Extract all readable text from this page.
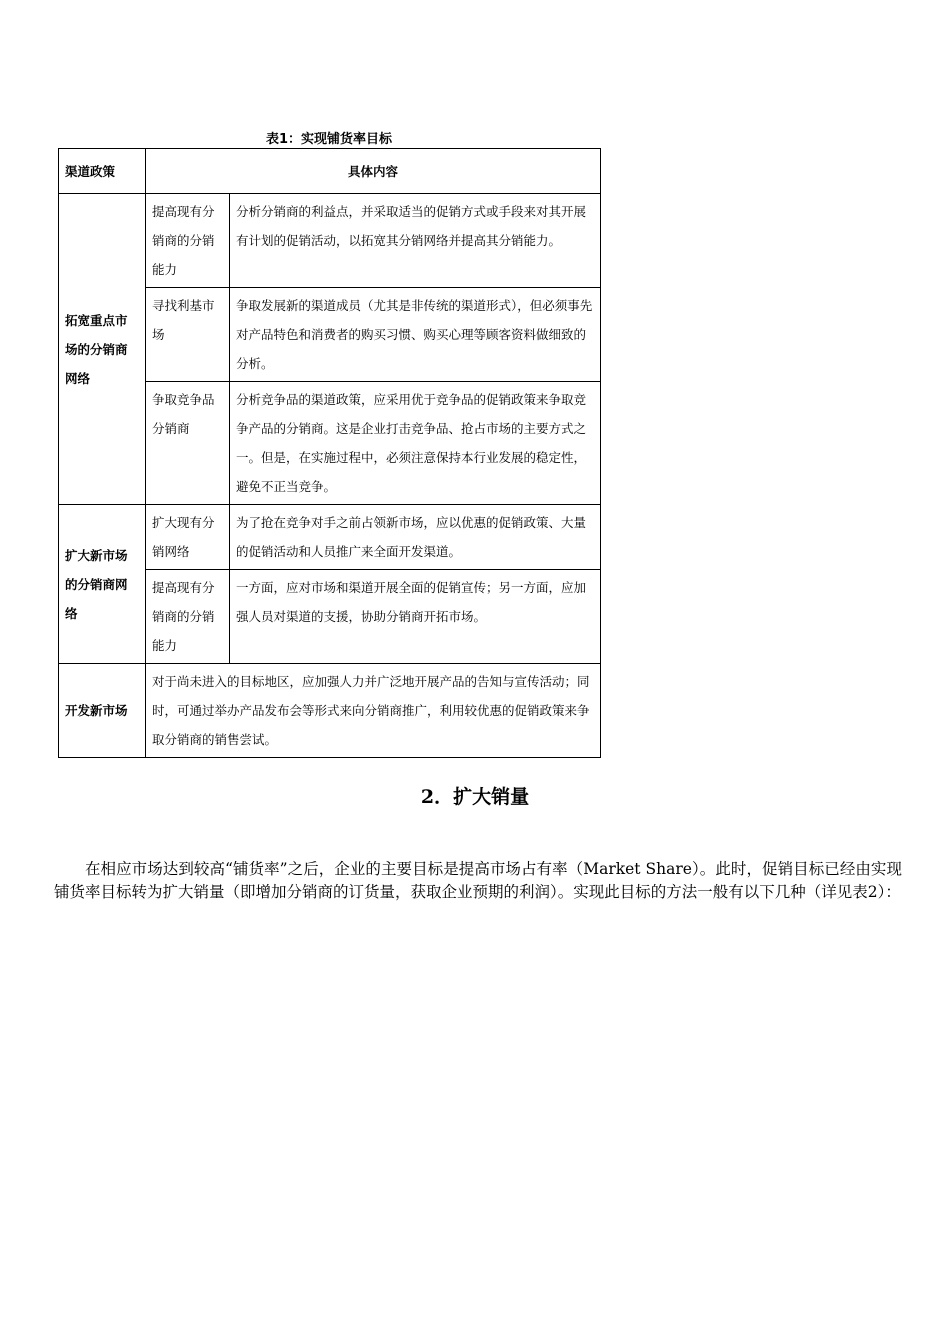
表1：实现铺货率目标
渠道政策	具体内容	
拓宽重点市场的分销商网络	提高现有分销商的分销能力	分析分销商的利益点，并采取适当的促销方式或手段来对其开展有计划的促销活动，以拓宽其分销网络并提高其分销能力。
	寻找利基市场	争取发展新的渠道成员（尤其是非传统的渠道形式），但必须事先对产品特色和消费者的购买习惯、购买心理等顾客资料做细致的分析。
	争取竞争品分销商	分析竞争品的渠道政策，应采用优于竞争品的促销政策来争取竞争产品的分销商。这是企业打击竞争品、抢占市场的主要方式之一。但是，在实施过程中，必须注意保持本行业发展的稳定性，避免不正当竞争。
扩大新市场的分销商网络	扩大现有分销网络	为了抢在竞争对手之前占领新市场，应以优惠的促销政策、大量的促销活动和人员推广来全面开发渠道。
	提高现有分销商的分销能力	一方面，应对市场和渠道开展全面的促销宣传；另一方面，应加强人员对渠道的支援，协助分销商开拓市场。
开发新市场	对于尚未进入的目标地区，应加强人力并广泛地开展产品的告知与宣传活动；同时，可通过举办产品发布会等形式来向分销商推广，利用较优惠的促销政策来争取分销商的销售尝试。	
2．扩大销量

在相应市场达到较高“铺货率”之后，企业的主要目标是提高市场占有率（Market Share）。此时，促销目标已经由实现铺货率目标转为扩大销量（即增加分销商的订货量，获取企业预期的利润）。实现此目标的方法一般有以下几种（详见表2）：
